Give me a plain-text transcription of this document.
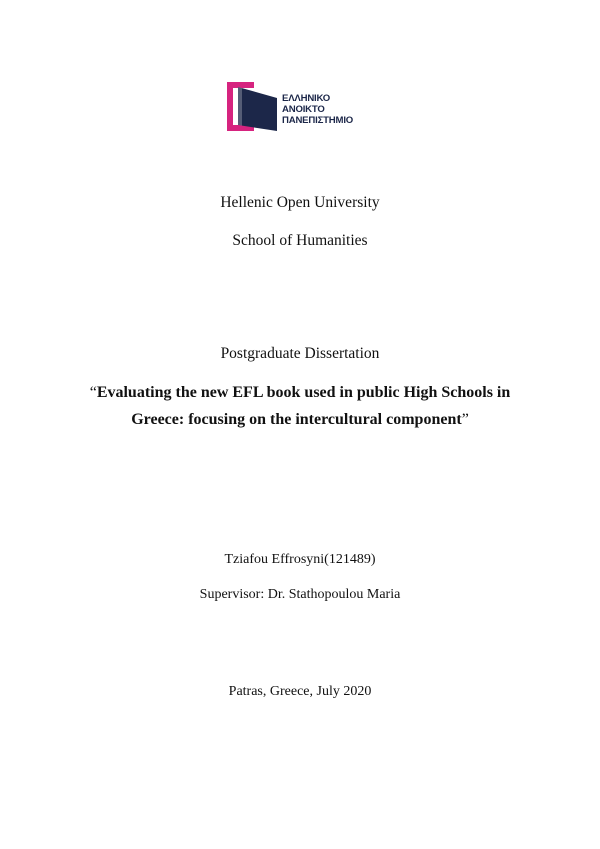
ΕΛΛΗΝΙΚΟ
ΑΝΟΙΚΤΟ
ΠΑΝΕΠΙΣΤΗΜΙΟ
Hellenic Open University
School of Humanities
Postgraduate Dissertation
“Evaluating the new EFL book used in public High Schools in
Greece: focusing on the intercultural component”
Tziafou Effrosyni(121489)
Supervisor: Dr. Stathopoulou Maria
Patras, Greece, July 2020
